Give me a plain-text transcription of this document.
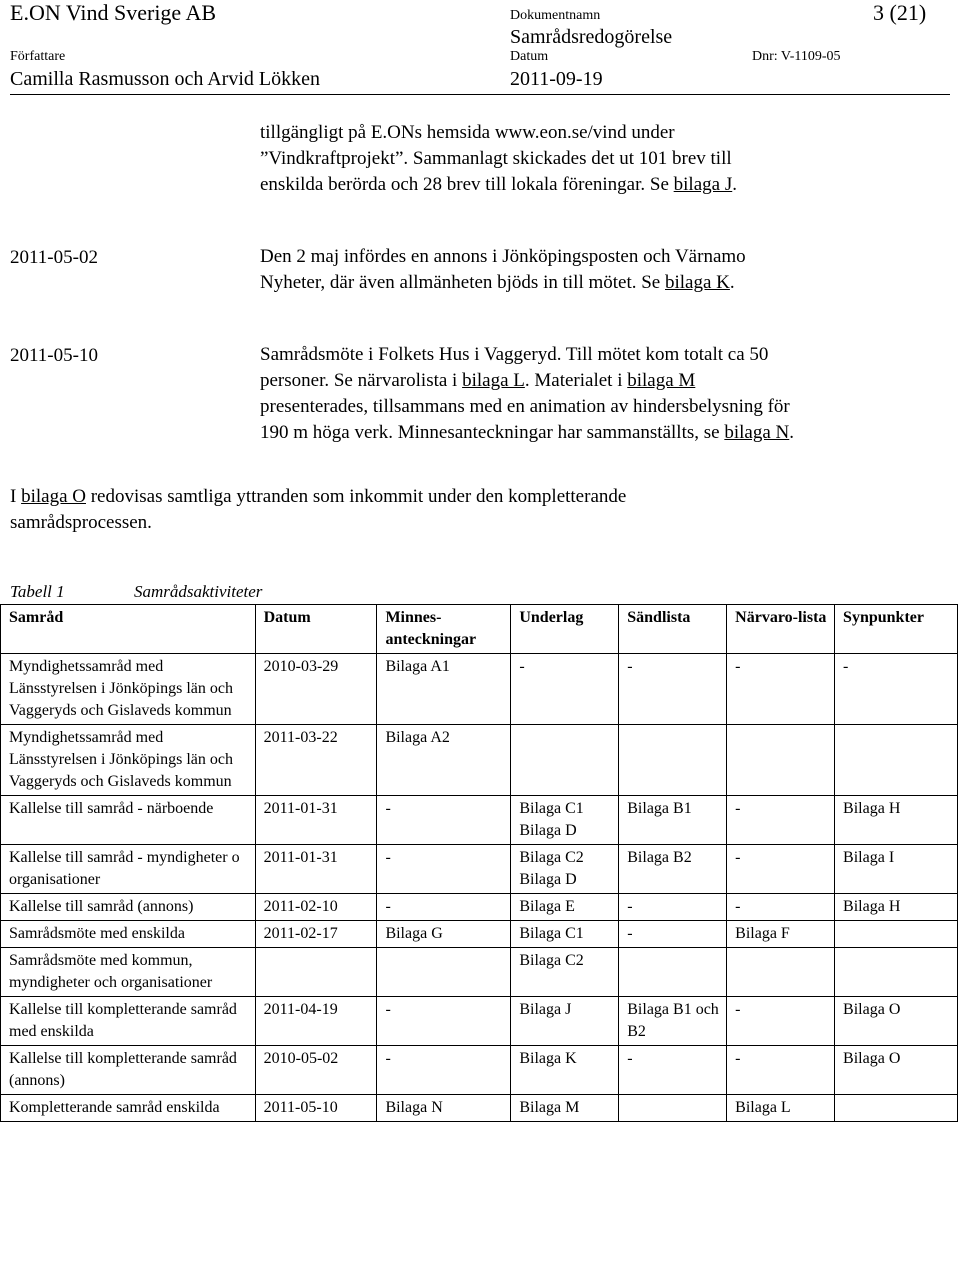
E.ON Vind Sverige AB	Dokumentnamn	3 (21)
Samrådsredogörelse
Författare	Datum	Dnr: V-1109-05
Camilla Rasmusson och Arvid Lökken	2011-09-19

tillgängligt på E.ONs hemsida www.eon.se/vind under

”Vindkraftprojekt”. Sammanlagt skickades det ut 101 brev till

enskilda berörda och 28 brev till lokala föreningar. Se bilaga J.

2011-05-02	Den 2 maj infördes en annons i Jönköpingsposten och Värnamo

Nyheter, där även allmänheten bjöds in till mötet. Se bilaga K.

2011-05-10	Samrådsmöte i Folkets Hus i Vaggeryd. Till mötet kom totalt ca 50

personer. Se närvarolista i bilaga L. Materialet i bilaga M

presenterades, tillsammans med en animation av hindersbelysning för

190 m höga verk. Minnesanteckningar har sammanställts, se bilaga N.

I bilaga O redovisas samtliga yttranden som inkommit under den kompletterande
samrådsprocessen.
Tabell 1	Samrådsaktiviteter
Samråd	Datum	Minnes-anteckningar	Underlag	Sändlista	Närvaro-lista	Synpunkter
Myndighetssamråd med Länsstyrelsen i Jönköpings län och Vaggeryds och Gislaveds kommun	2010-03-29	Bilaga A1	-	-	-	-
Myndighetssamråd med Länsstyrelsen i Jönköpings län och Vaggeryds och Gislaveds kommun	2011-03-22	Bilaga A2				
Kallelse till samråd - närboende	2011-01-31	-	Bilaga C1 Bilaga D	Bilaga B1	-	Bilaga H
Kallelse till samråd - myndigheter o organisationer	2011-01-31	-	Bilaga C2 Bilaga D	Bilaga B2	-	Bilaga I
Kallelse till samråd (annons)	2011-02-10	-	Bilaga E	-	-	Bilaga H
Samrådsmöte med enskilda	2011-02-17	Bilaga G	Bilaga C1	-	Bilaga F	
Samrådsmöte med kommun, myndigheter och organisationer			Bilaga C2			
Kallelse till kompletterande samråd med enskilda	2011-04-19	-	Bilaga J	Bilaga B1 och B2	-	Bilaga O
Kallelse till kompletterande samråd (annons)	2010-05-02	-	Bilaga K	-	-	Bilaga O
Kompletterande samråd enskilda	2011-05-10	Bilaga N	Bilaga M		Bilaga L	
